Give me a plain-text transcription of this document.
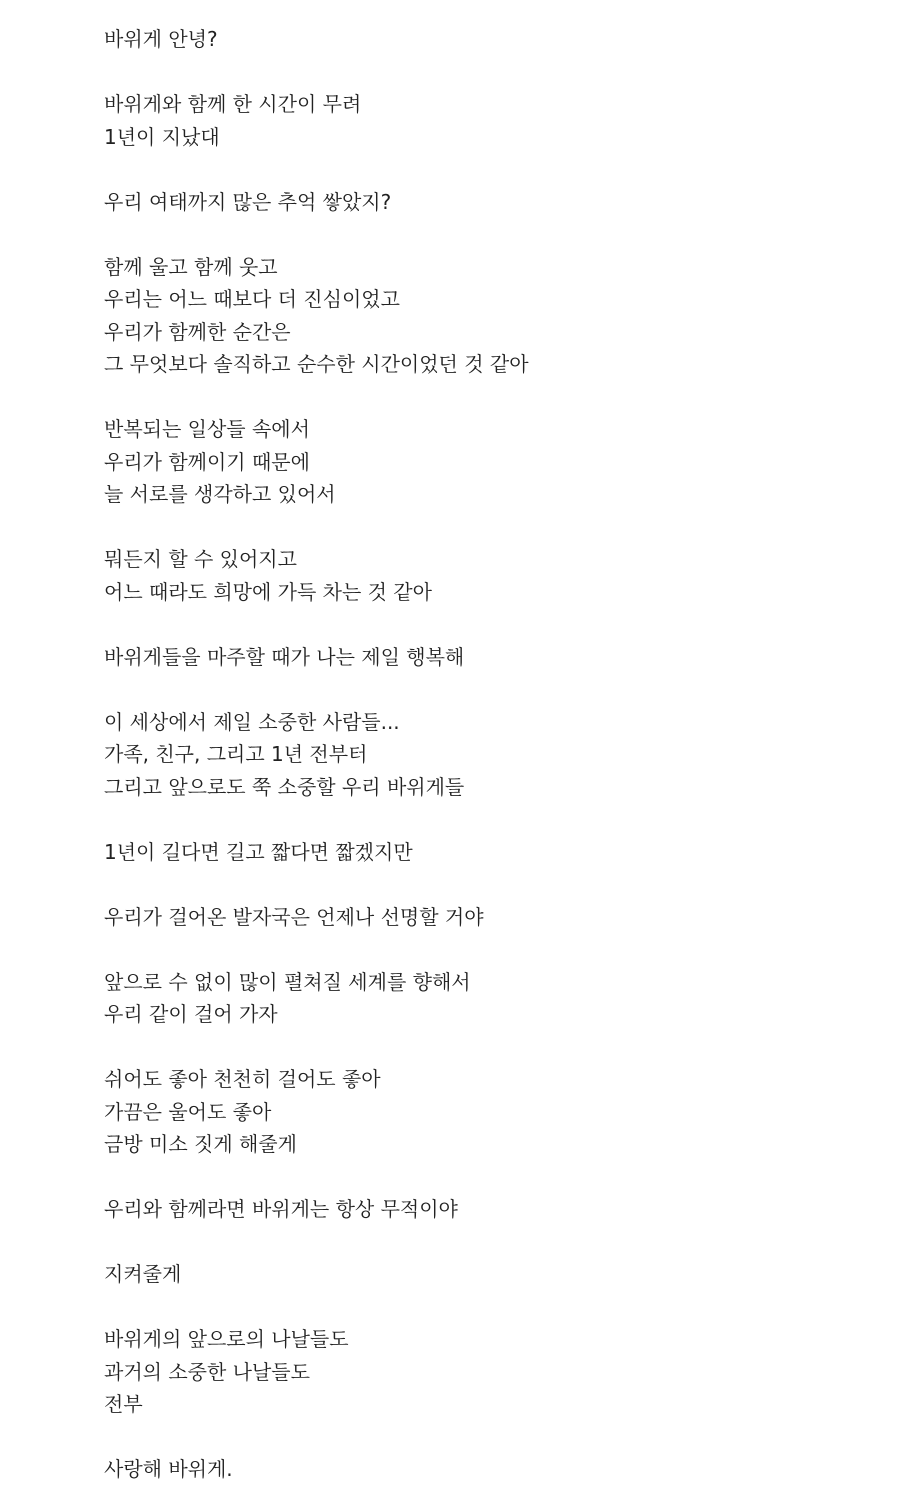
바위게 안녕?
바위게와 함께 한 시간이 무려
1년이 지났대
우리 여태까지 많은 추억 쌓았지?
함께 울고 함께 웃고
우리는 어느 때보다 더 진심이었고
우리가 함께한 순간은
그 무엇보다 솔직하고 순수한 시간이었던 것 같아
반복되는 일상들 속에서
우리가 함께이기 때문에
늘 서로를 생각하고 있어서
뭐든지 할 수 있어지고
어느 때라도 희망에 가득 차는 것 같아
바위게들을 마주할 때가 나는 제일 행복해
이 세상에서 제일 소중한 사람들...
가족, 친구, 그리고 1년 전부터
그리고 앞으로도 쭉 소중할 우리 바위게들
1년이 길다면 길고 짧다면 짧겠지만
우리가 걸어온 발자국은 언제나 선명할 거야
앞으로 수 없이 많이 펼쳐질 세계를 향해서
우리 같이 걸어 가자
쉬어도 좋아 천천히 걸어도 좋아
가끔은 울어도 좋아
금방 미소 짓게 해줄게
우리와 함께라면 바위게는 항상 무적이야
지켜줄게
바위게의 앞으로의 나날들도
과거의 소중한 나날들도
전부
사랑해 바위게.
